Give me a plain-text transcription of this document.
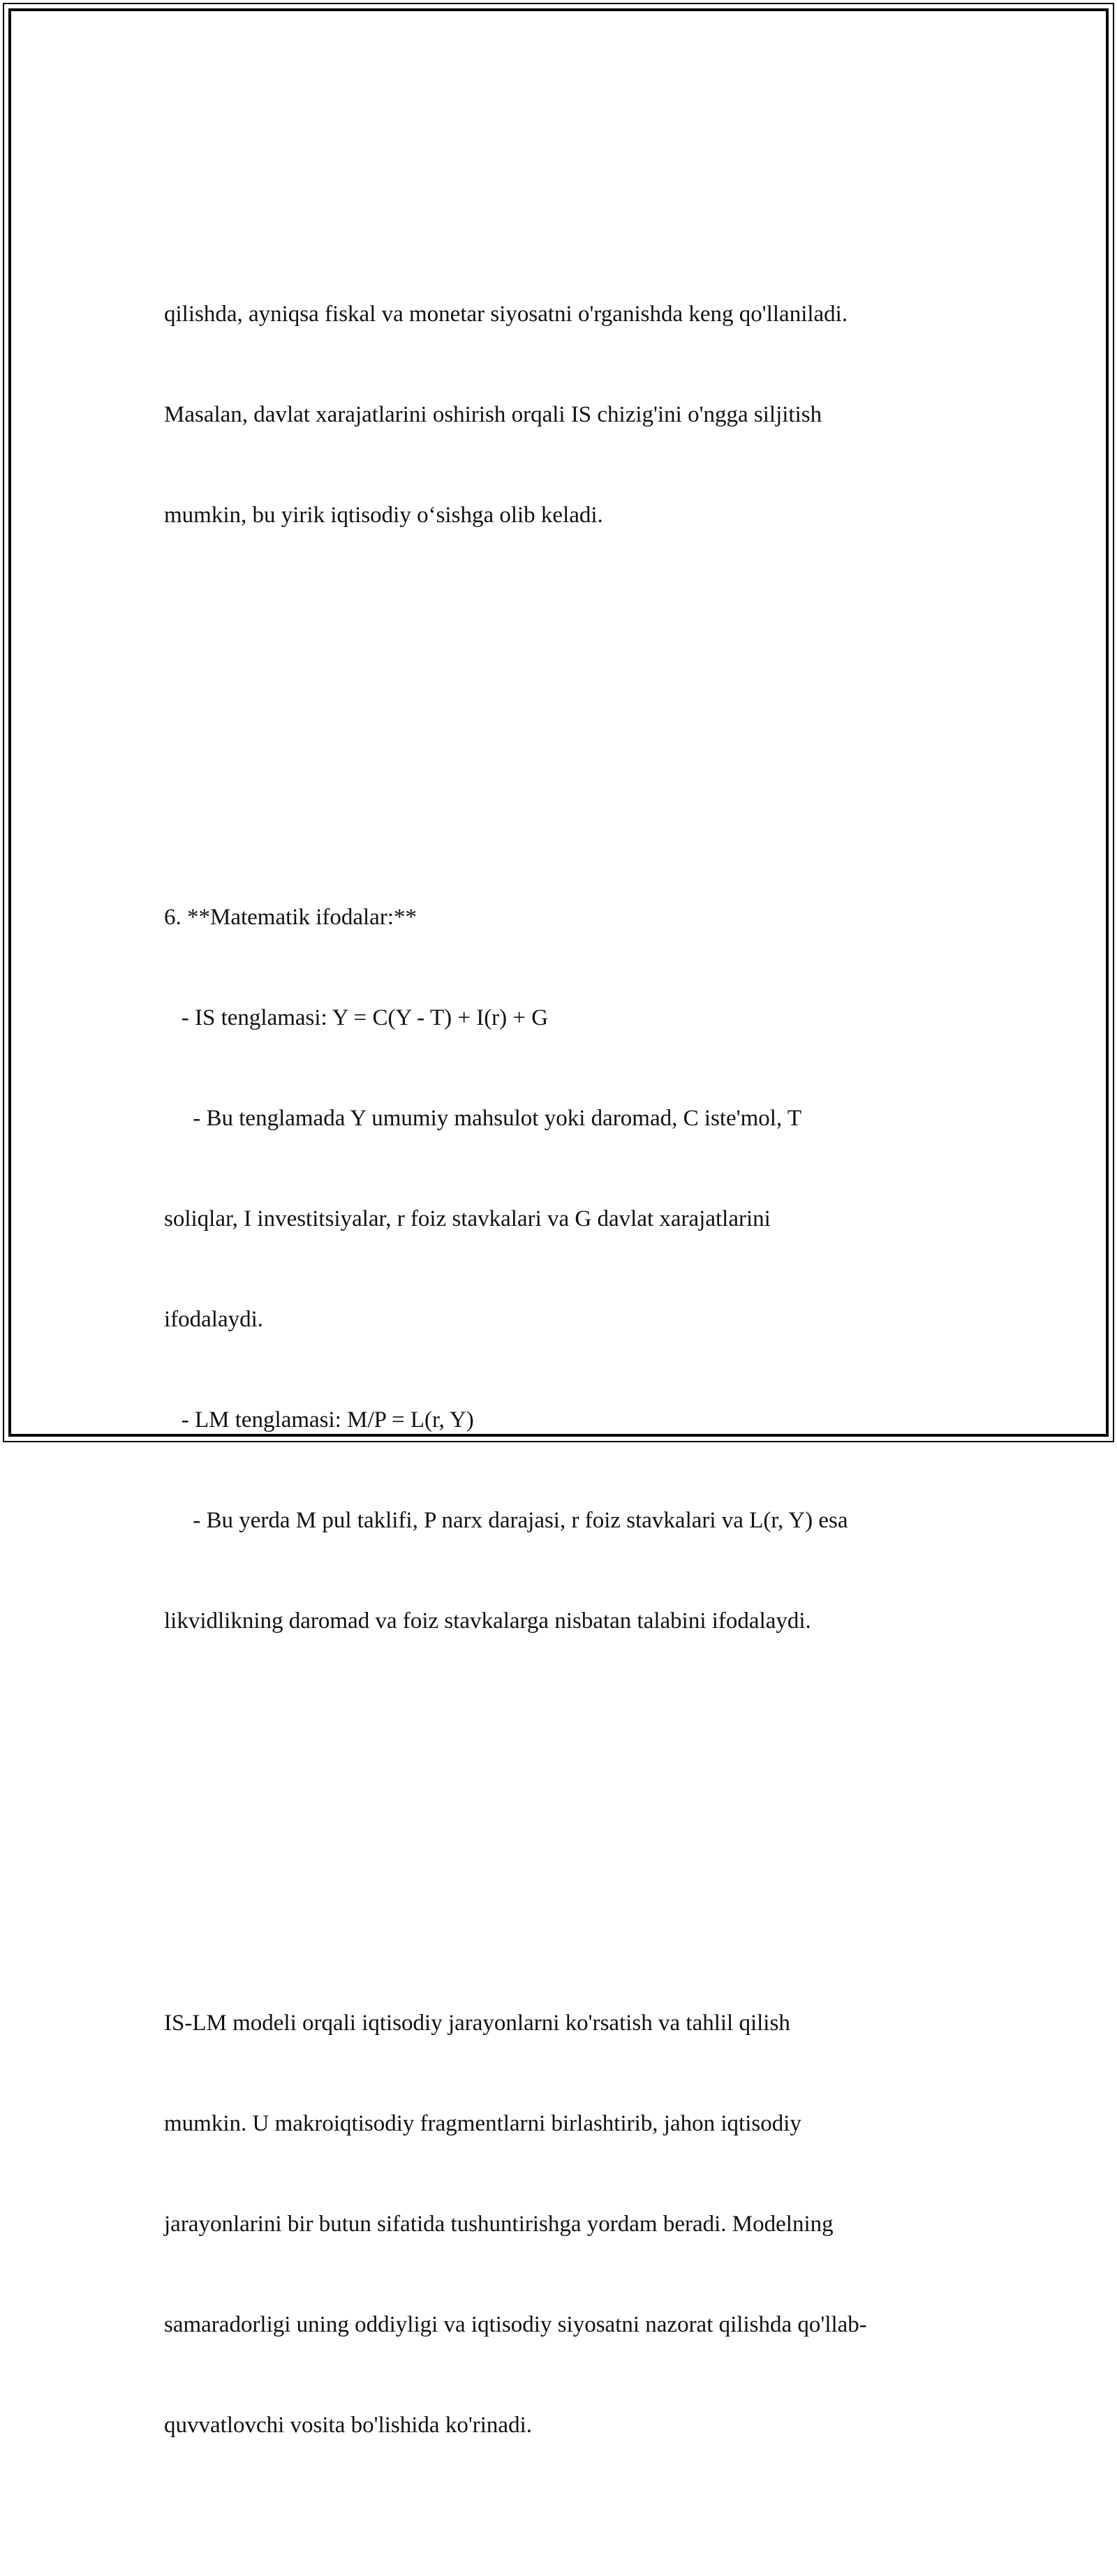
qilishda, ayniqsa fiskal va monetar siyosatni o'rganishda keng qo'llaniladi.

Masalan, davlat xarajatlarini oshirish orqali IS chizig'ini o'ngga siljitish

mumkin, bu yirik iqtisodiy o‘sishga olib keladi.

6. **Matematik ifodalar:**

- IS tenglamasi: Y = C(Y - T) + I(r) + G

- Bu tenglamada Y umumiy mahsulot yoki daromad, C iste'mol, T

soliqlar, I investitsiyalar, r foiz stavkalari va G davlat xarajatlarini

ifodalaydi.

- LM tenglamasi: M/P = L(r, Y)

- Bu yerda M pul taklifi, P narx darajasi, r foiz stavkalari va L(r, Y) esa

likvidlikning daromad va foiz stavkalarga nisbatan talabini ifodalaydi.

IS-LM modeli orqali iqtisodiy jarayonlarni ko'rsatish va tahlil qilish

mumkin. U makroiqtisodiy fragmentlarni birlashtirib, jahon iqtisodiy

jarayonlarini bir butun sifatida tushuntirishga yordam beradi. Modelning

samaradorligi uning oddiyligi va iqtisodiy siyosatni nazorat qilishda qo'llab-

quvvatlovchi vosita bo'lishida ko'rinadi.
